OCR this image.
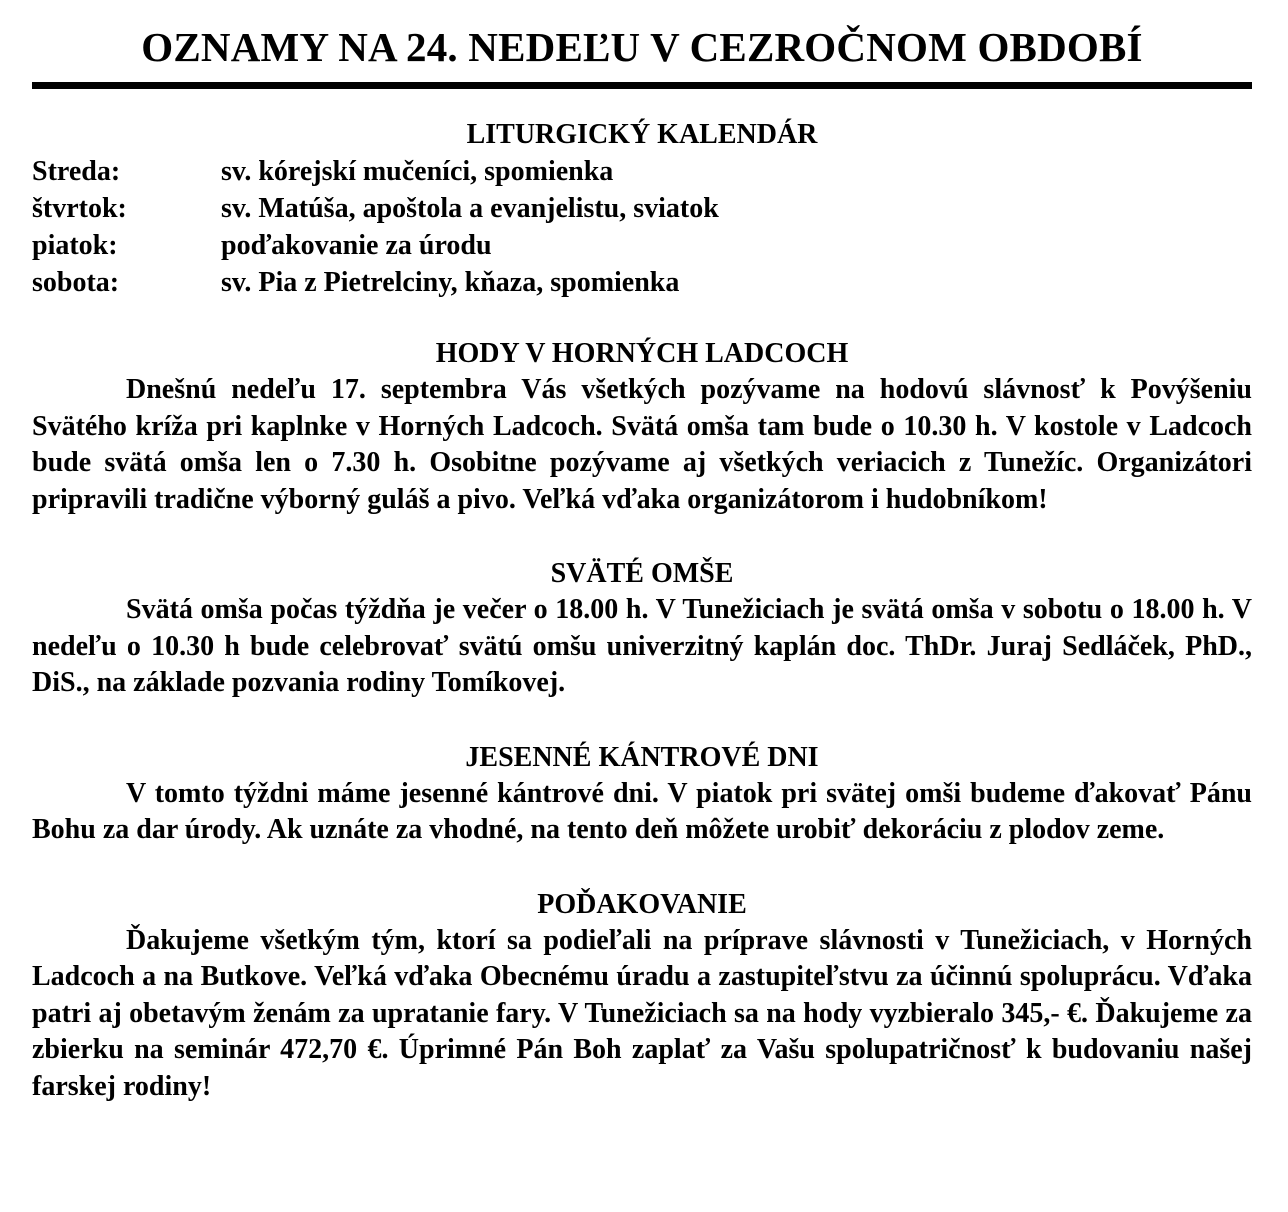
OZNAMY NA 24. NEDEĽU V CEZROČNOM OBDOBÍ
LITURGICKÝ KALENDÁR
Streda:	sv. kórejskí mučeníci, spomienka
štvrtok:	sv. Matúša, apoštola a evanjelistu, sviatok
piatok:	poďakovanie za úrodu
sobota:	sv. Pia z Pietrelciny, kňaza, spomienka
HODY V HORNÝCH LADCOCH

Dnešnú nedeľu 17. septembra Vás všetkých pozývame na hodovú slávnosť k Povýšeniu Svätého kríža pri kaplnke v Horných Ladcoch. Svätá omša tam bude o 10.30 h. V kostole v Ladcoch bude svätá omša len o 7.30 h. Osobitne pozývame aj všetkých veriacich z Tunežíc. Organizátori pripravili tradične výborný guláš a pivo. Veľká vďaka organizátorom i hudobníkom!

SVÄTÉ OMŠE

Svätá omša počas týždňa je večer o 18.00 h. V Tunežiciach je svätá omša v sobotu o 18.00 h. V nedeľu o 10.30 h bude celebrovať svätú omšu univerzitný kaplán doc. ThDr. Juraj Sedláček, PhD., DiS., na základe pozvania rodiny Tomíkovej.

JESENNÉ KÁNTROVÉ DNI

V tomto týždni máme jesenné kántrové dni. V piatok pri svätej omši budeme ďakovať Pánu Bohu za dar úrody. Ak uznáte za vhodné, na tento deň môžete urobiť dekoráciu z plodov zeme.

POĎAKOVANIE

Ďakujeme všetkým tým, ktorí sa podieľali na príprave slávnosti v Tunežiciach, v Horných Ladcoch a na Butkove. Veľká vďaka Obecnému úradu a zastupiteľstvu za účinnú spoluprácu. Vďaka patri aj obetavým ženám za upratanie fary. V Tunežiciach sa na hody vyzbieralo 345,- €. Ďakujeme za zbierku na seminár 472,70 €. Úprimné Pán Boh zaplať za Vašu spolupatričnosť k budovaniu našej farskej rodiny!
